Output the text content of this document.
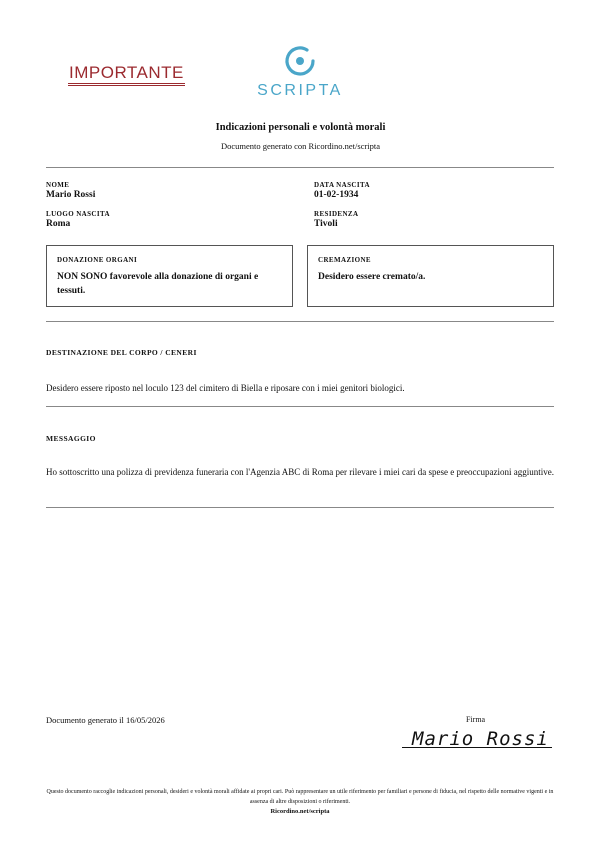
IMPORTANTE
SCRIPTA
Indicazioni personali e volontà morali
Documento generato con Ricordino.net/scripta
NOME
Mario Rossi
DATA NASCITA
01-02-1934
LUOGO NASCITA
Roma
RESIDENZA
Tivoli
DONAZIONE ORGANI
NON SONO favorevole alla donazione di organi e tessuti.
CREMAZIONE
Desidero essere cremato/a.
DESTINAZIONE DEL CORPO / CENERI
Desidero essere riposto nel loculo 123 del cimitero di Biella e riposare con i miei genitori biologici.
MESSAGGIO
Ho sottoscritto una polizza di previdenza funeraria con l'Agenzia ABC di Roma per rilevare i miei cari da spese e preoccupazioni aggiuntive.
Documento generato il 16/05/2026	Firma
Mario Rossi
Questo documento raccoglie indicazioni personali, desideri e volontà morali affidate ai propri cari. Può rappresentare un utile riferimento per familiari e persone di fiducia, nel rispetto delle normative vigenti e in assenza di altre disposizioni o riferimenti.
Ricordino.net/scripta
